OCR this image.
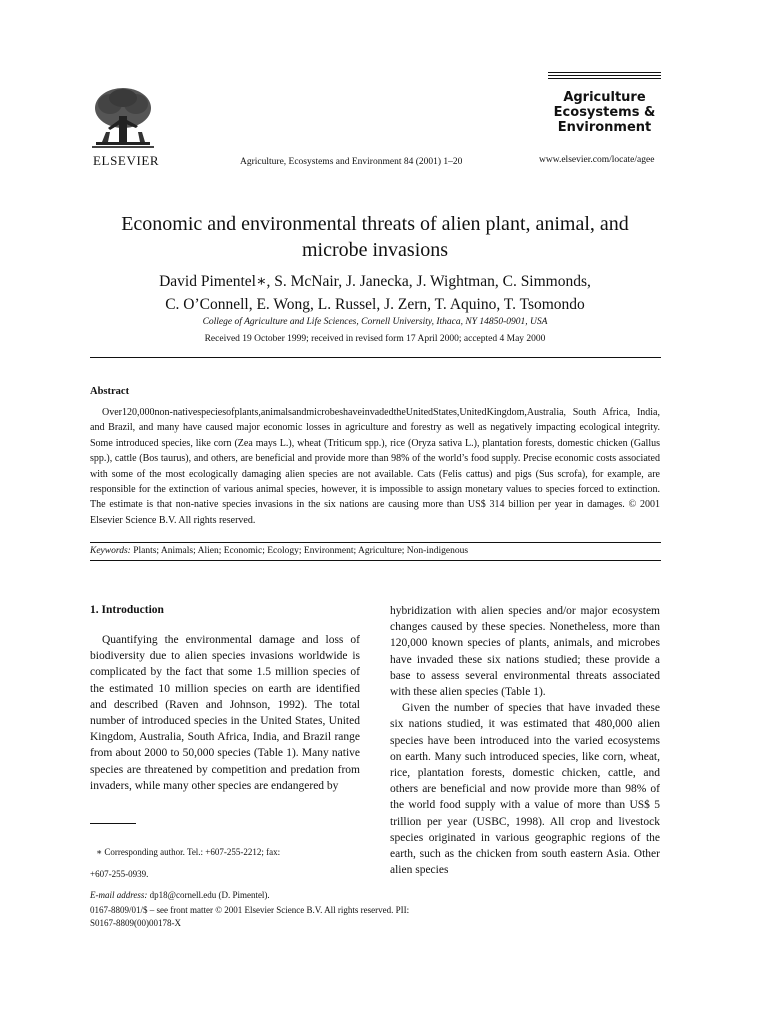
ELSEVIER	Agriculture, Ecosystems and Environment 84 (2001) 1–20
Agriculture
Ecosystems &
Environment
www.elsevier.com/locate/agee
Economic and environmental threats of alien plant, animal, and microbe invasions
David Pimentel∗, S. McNair, J. Janecka, J. Wightman, C. Simmonds,
C. O’Connell, E. Wong, L. Russel, J. Zern, T. Aquino, T. Tsomondo
College of Agriculture and Life Sciences, Cornell University, Ithaca, NY 14850-0901, USA
Received 19 October 1999; received in revised form 17 April 2000; accepted 4 May 2000
Abstract
Over120,000non-nativespeciesofplants,animalsandmicrobeshaveinvadedtheUnitedStates,UnitedKingdom,Australia, South Africa, India, and Brazil, and many have caused major economic losses in agriculture and forestry as well as negatively impacting ecological integrity. Some introduced species, like corn (Zea mays L.), wheat (Triticum spp.), rice (Oryza sativa L.), plantation forests, domestic chicken (Gallus spp.), cattle (Bos taurus), and others, are beneficial and provide more than 98% of the world’s food supply. Precise economic costs associated with some of the most ecologically damaging alien species are not available. Cats (Felis cattus) and pigs (Sus scrofa), for example, are responsible for the extinction of various animal species, however, it is impossible to assign monetary values to species forced to extinction. The estimate is that non-native species invasions in the six nations are causing more than US$ 314 billion per year in damages. © 2001 Elsevier Science B.V. All rights reserved.
Keywords: Plants; Animals; Alien; Economic; Ecology; Environment; Agriculture; Non-indigenous
1. Introduction
Quantifying the environmental damage and loss of biodiversity due to alien species invasions worldwide is complicated by the fact that some 1.5 million species of the estimated 10 million species on earth are identified and described (Raven and Johnson, 1992). The total number of introduced species in the United States, United Kingdom, Australia, South Africa, India, and Brazil range from about 2000 to 50,000 species (Table 1). Many native species are threatened by competition and predation from invaders, while many other species are endangered by

hybridization with alien species and/or major ecosystem changes caused by these species. Nonetheless, more than 120,000 known species of plants, animals, and microbes have invaded these six nations studied; these provide a base to assess several environmental threats associated with these alien species (Table 1).

Given the number of species that have invaded these six nations studied, it was estimated that 480,000 alien species have been introduced into the varied ecosystems on earth. Many such introduced species, like corn, wheat, rice, plantation forests, domestic chicken, cattle, and others are beneficial and now provide more than 98% of the world food supply with a value of more than US$ 5 trillion per year (USBC, 1998). All crop and livestock species originated in various geographic regions of the earth, such as the chicken from south eastern Asia. Other alien species

∗ Corresponding author. Tel.: +607-255-2212; fax:
+607-255-0939.
E-mail address: dp18@cornell.edu (D. Pimentel).
0167-8809/01/$ – see front matter © 2001 Elsevier Science B.V. All rights reserved. PII:
S0167-8809(00)00178-X
